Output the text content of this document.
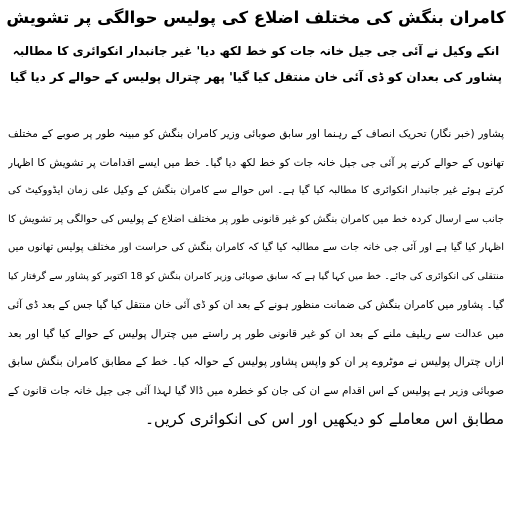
کامران بنگش کی مختلف اضلاع کی پولیس حوالگی پر تشویش
انکے وکیل نے آئی جی جیل خانہ جات کو خط لکھ دیا' غیر جانبدار انکوائری کا مطالبہ
پشاور کی بعدان کو ڈی آئی خان منتقل کیا گیا' پھر چترال پولیس کے حوالے کر دیا گیا
پشاور (خبر نگار) تحریک انصاف کے رہنما اور سابق صوبائی وزیر کامران بنگش کو مبینہ طور پر صوبے کے مختلف
تھانوں کے حوالے کرنے پر آئی جی جیل خانہ جات کو خط لکھ دیا گیا۔ خط میں ایسے اقدامات پر تشویش کا اظہار
کرتے ہوئے غیر جانبدار انکوائری کا مطالبہ کیا گیا ہے۔ اس حوالے سے کامران بنگش کے وکیل علی زمان ایڈووکیٹ کی
جانب سے ارسال کردہ خط میں کامران بنگش کو غیر قانونی طور پر مختلف اضلاع کے پولیس کی حوالگی پر تشویش کا
اظہار کیا گیا ہے اور آئی جی خانہ جات سے مطالبہ کیا گیا کہ کامران بنگش کی حراست اور مختلف پولیس تھانوں میں
منتقلی کی انکوائری کی جائے۔ خط میں کہا گیا ہے کہ سابق صوبائی وزیر کامران بنگش کو 18 اکتوبر کو پشاور سے گرفتار کیا
گیا۔ پشاور میں کامران بنگش کی ضمانت منظور ہونے کے بعد ان کو ڈی آئی خان منتقل کیا گیا جس کے بعد ڈی آئی
میں عدالت سے ریلیف ملنے کے بعد ان کو غیر قانونی طور پر راستے میں چترال پولیس کے حوالے کیا گیا اور بعد
ازاں چترال پولیس نے موٹروے پر ان کو واپس پشاور پولیس کے حوالہ کیا۔ خط کے مطابق کامران بنگش سابق
صوبائی وزیر ہے پولیس کے اس اقدام سے ان کی جان کو خطرہ میں ڈالا گیا لہذا آئی جی جیل خانہ جات قانون کے
مطابق اس معاملے کو دیکھیں اور اس کی انکوائری کریں۔
